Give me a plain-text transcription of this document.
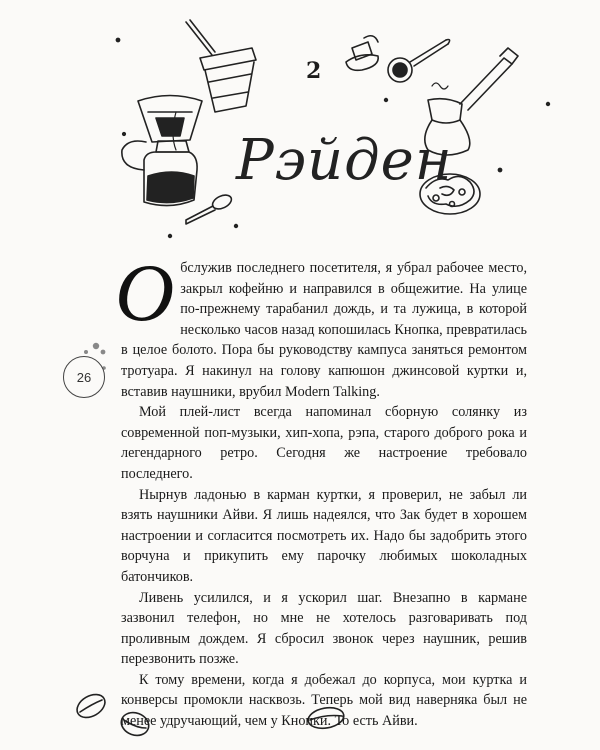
2
Рэйден
26

Обслужив последнего посетителя, я убрал рабочее место, закрыл кофейню и направился в общежитие. На улице по-прежнему тарабанил дождь, и та лужица, в которой несколько часов назад копошилась Кнопка, превратилась в целое болото. Пора бы руководству кампуса заняться ремонтом тротуара. Я накинул на голову капюшон джинсовой куртки и, вставив наушники, врубил Modern Talking.

Мой плей-лист всегда напоминал сборную солянку из современной поп-музыки, хип-хопа, рэпа, старого доброго рока и легендарного ретро. Сегодня же настроение требовало последнего.

Нырнув ладонью в карман куртки, я проверил, не забыл ли взять наушники Айви. Я лишь надеялся, что Зак будет в хорошем настроении и согласится посмотреть их. Надо бы задобрить этого ворчуна и прикупить ему парочку любимых шоколадных батончиков.

Ливень усилился, и я ускорил шаг. Внезапно в кармане зазвонил телефон, но мне не хотелось разговаривать под проливным дождем. Я сбросил звонок через наушник, решив перезвонить позже.

К тому времени, когда я добежал до корпуса, мои куртка и конверсы промокли насквозь. Теперь мой вид наверняка был не менее удручающий, чем у Кнопки. То есть Айви.
